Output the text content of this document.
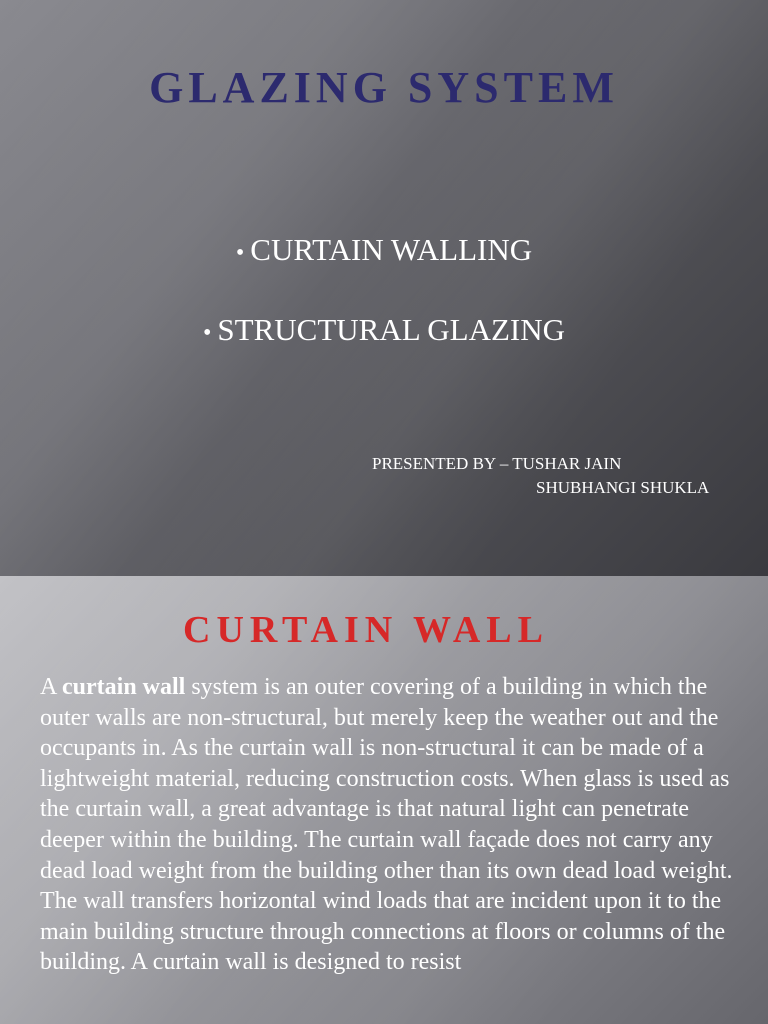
GLAZING SYSTEM
• CURTAIN WALLING
• STRUCTURAL GLAZING
PRESENTED BY – TUSHAR JAIN
SHUBHANGI SHUKLA
CURTAIN WALL

A curtain wall system is an outer covering of a building in which the outer walls are non-structural, but merely keep the weather out and the occupants in. As the curtain wall is non-structural it can be made of a lightweight material, reducing construction costs. When glass is used as the curtain wall, a great advantage is that natural light can penetrate deeper within the building. The curtain wall façade does not carry any dead load weight from the building other than its own dead load weight. The wall transfers horizontal wind loads that are incident upon it to the main building structure through connections at floors or columns of the building. A curtain wall is designed to resist
